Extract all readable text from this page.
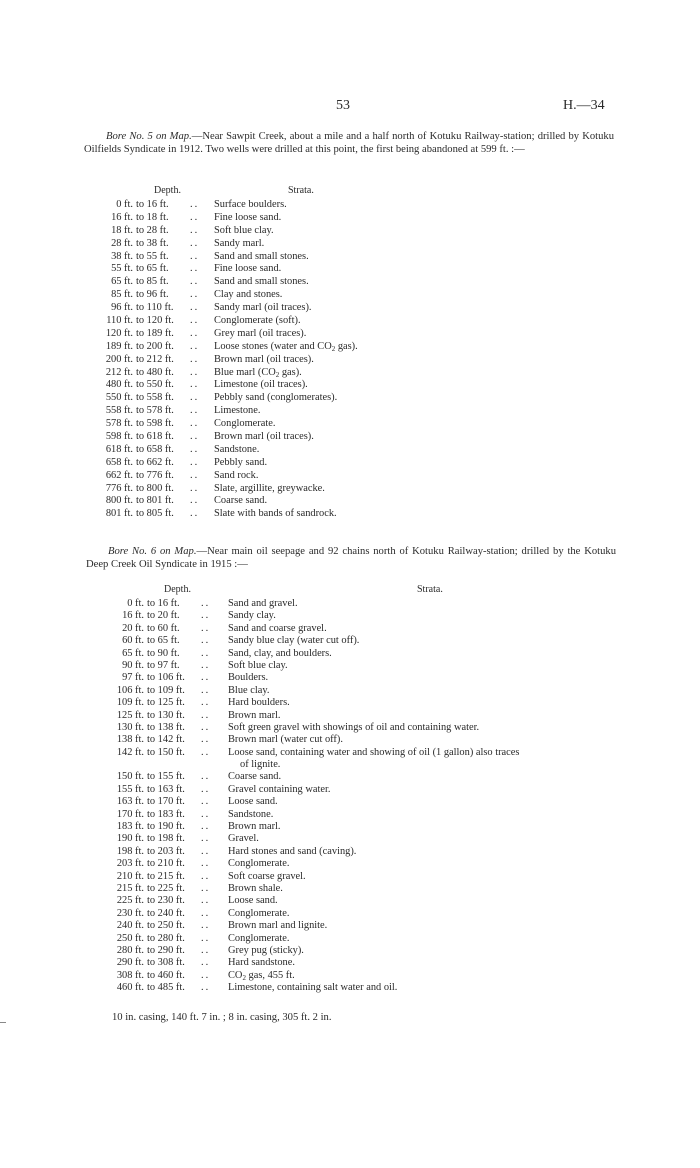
53	H.—34
Bore No. 5 on Map.—Near Sawpit Creek, about a mile and a half north of Kotuku Railway-station; drilled by Kotuku Oilfields Syndicate in 1912. Two wells were drilled at this point, the first being abandoned at 599 ft. :—
Depth.	Strata.
0 ft. to 16 ft. .. Surface boulders.
16 ft. to 18 ft. .. Fine loose sand.
18 ft. to 28 ft. .. Soft blue clay.
28 ft. to 38 ft. .. Sandy marl.
38 ft. to 55 ft. .. Sand and small stones.
55 ft. to 65 ft. .. Fine loose sand.
65 ft. to 85 ft. .. Sand and small stones.
85 ft. to 96 ft. .. Clay and stones.
96 ft. to 110 ft. .. Sandy marl (oil traces).
110 ft. to 120 ft. .. Conglomerate (soft).
120 ft. to 189 ft. .. Grey marl (oil traces).
189 ft. to 200 ft. .. Loose stones (water and $CO_2$ gas).
200 ft. to 212 ft. .. Brown marl (oil traces).
212 ft. to 480 ft. .. Blue marl ($CO_2$ gas).
480 ft. to 550 ft. .. Limestone (oil traces).
550 ft. to 558 ft. .. Pebbly sand (conglomerates).
558 ft. to 578 ft. .. Limestone.
578 ft. to 598 ft. .. Conglomerate.
598 ft. to 618 ft. .. Brown marl (oil traces).
618 ft. to 658 ft. .. Sandstone.
658 ft. to 662 ft. .. Pebbly sand.
662 ft. to 776 ft. .. Sand rock.
776 ft. to 800 ft. .. Slate, argillite, greywacke.
800 ft. to 801 ft. .. Coarse sand.
801 ft. to 805 ft. .. Slate with bands of sandrock.
Bore No. 6 on Map.—Near main oil seepage and 92 chains north of Kotuku Railway-station; drilled by the Kotuku Deep Creek Oil Syndicate in 1915 :—
Depth.	Strata.
0 ft. to 16 ft. .. Sand and gravel.
16 ft. to 20 ft. .. Sandy clay.
20 ft. to 60 ft. .. Sand and coarse gravel.
60 ft. to 65 ft. .. Sandy blue clay (water cut off).
65 ft. to 90 ft. .. Sand, clay, and boulders.
90 ft. to 97 ft. .. Soft blue clay.
97 ft. to 106 ft. .. Boulders.
106 ft. to 109 ft. .. Blue clay.
109 ft. to 125 ft. .. Hard boulders.
125 ft. to 130 ft. .. Brown marl.
130 ft. to 138 ft. .. Soft green gravel with showings of oil and containing water.
138 ft. to 142 ft. .. Brown marl (water cut off).
142 ft. to 150 ft. .. Loose sand, containing water and showing of oil (1 gallon) also traces
of lignite.
150 ft. to 155 ft. .. Coarse sand.
155 ft. to 163 ft. .. Gravel containing water.
163 ft. to 170 ft. .. Loose sand.
170 ft. to 183 ft. .. Sandstone.
183 ft. to 190 ft. .. Brown marl.
190 ft. to 198 ft. .. Gravel.
198 ft. to 203 ft. .. Hard stones and sand (caving).
203 ft. to 210 ft. .. Conglomerate.
210 ft. to 215 ft. .. Soft coarse gravel.
215 ft. to 225 ft. .. Brown shale.
225 ft. to 230 ft. .. Loose sand.
230 ft. to 240 ft. .. Conglomerate.
240 ft. to 250 ft. .. Brown marl and lignite.
250 ft. to 280 ft. .. Conglomerate.
280 ft. to 290 ft. .. Grey pug (sticky).
290 ft. to 308 ft. .. Hard sandstone.
308 ft. to 460 ft. .. $CO_2$ gas, 455 ft.
460 ft. to 485 ft. .. Limestone, containing salt water and oil.
10 in. casing, 140 ft. 7 in. ; 8 in. casing, 305 ft. 2 in.
